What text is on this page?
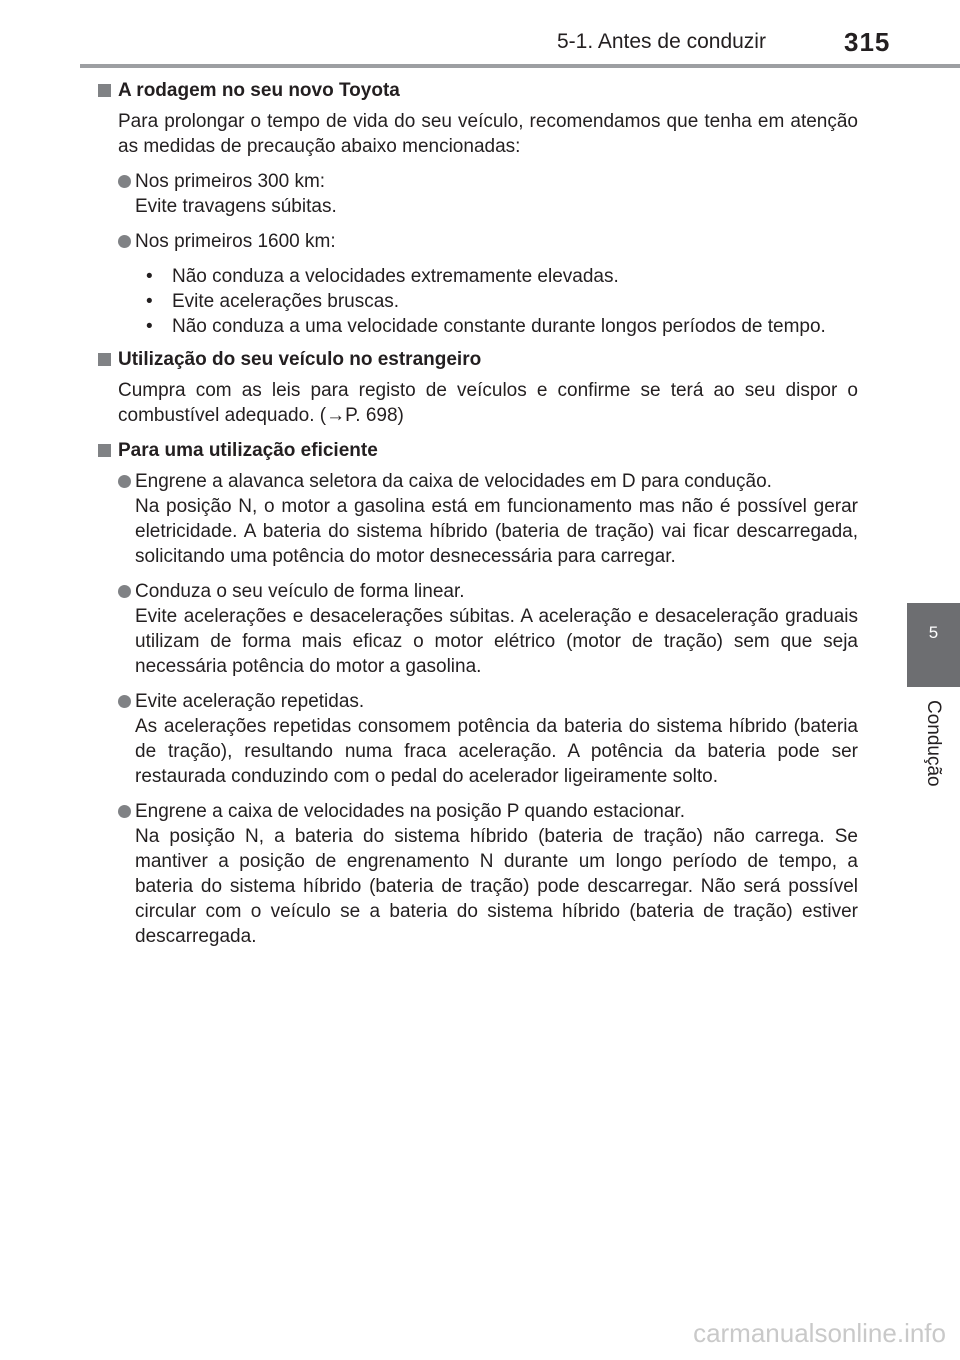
5-1. Antes de conduzir	315
5
Condução
A rodagem no seu novo Toyota
Para prolongar o tempo de vida do seu veículo, recomendamos que tenha em atenção as medidas de precaução abaixo mencionadas:
Nos primeiros 300 km:
Evite travagens súbitas.
Nos primeiros 1600 km:
• Não conduza a velocidades extremamente elevadas.
• Evite acelerações bruscas.
• Não conduza a uma velocidade constante durante longos períodos de tempo.
Utilização do seu veículo no estrangeiro
Cumpra com as leis para registo de veículos e confirme se terá ao seu dispor o combustível adequado. (→P. 698)
Para uma utilização eficiente
Engrene a alavanca seletora da caixa de velocidades em D para condução.
Na posição N, o motor a gasolina está em funcionamento mas não é possível gerar eletricidade. A bateria do sistema híbrido (bateria de tração) vai ficar descarregada, solicitando uma potência do motor desnecessária para carregar.
Conduza o seu veículo de forma linear.
Evite acelerações e desacelerações súbitas. A aceleração e desaceleração graduais utilizam de forma mais eficaz o motor elétrico (motor de tração) sem que seja necessária potência do motor a gasolina.
Evite aceleração repetidas.
As acelerações repetidas consomem potência da bateria do sistema híbrido (bateria de tração), resultando numa fraca aceleração. A potência da bateria pode ser restaurada conduzindo com o pedal do acelerador ligeiramente solto.
Engrene a caixa de velocidades na posição P quando estacionar.
Na posição N, a bateria do sistema híbrido (bateria de tração) não carrega. Se mantiver a posição de engrenamento N durante um longo período de tempo, a bateria do sistema híbrido (bateria de tração) pode descarregar. Não será possível circular com o veículo se a bateria do sistema híbrido (bateria de tração) estiver descarregada.
carmanualsonline.info
